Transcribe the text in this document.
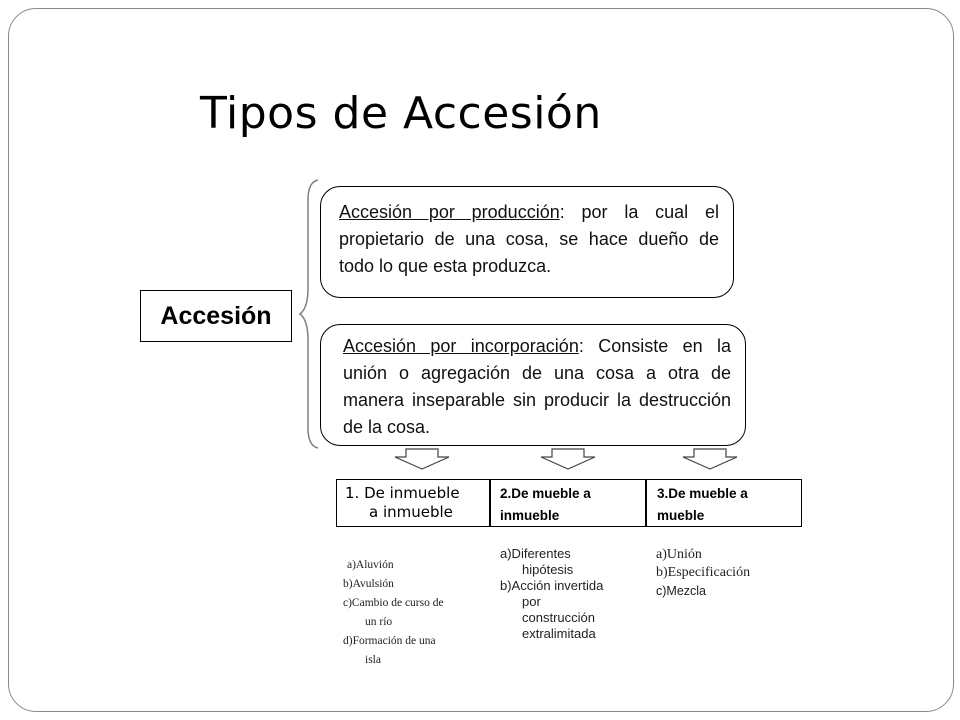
Tipos de Accesión
Accesión
Accesión por producción: por la cual el propietario de una cosa, se hace dueño de todo lo que esta produzca.
Accesión por incorporación: Consiste en la unión o agregación de una cosa a otra de manera inseparable sin producir la destrucción de la cosa.
1. De inmueble
a inmueble
2.De mueble a
inmueble
3.De mueble a
mueble
a)Aluvión
b)Avulsión
c)Cambio de curso de
un río
d)Formación de una
isla
a)Diferentes
hipótesis
b)Acción invertida
por
construcción
extralimitada
a)Unión
b)Especificación
c)Mezcla
